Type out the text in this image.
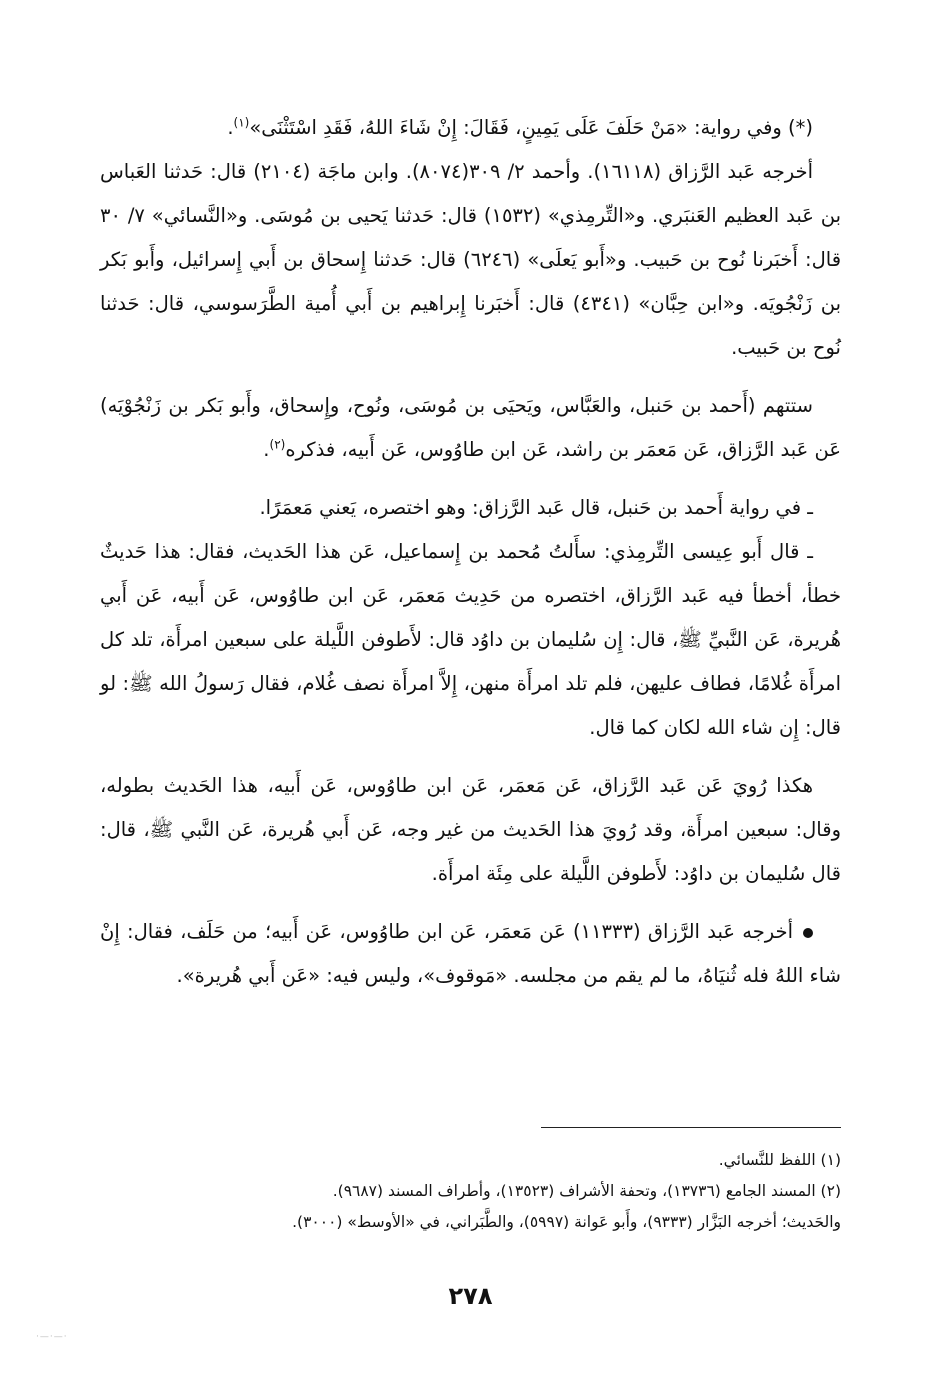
(*) وفي رواية: «مَنْ حَلَفَ عَلَى يَمِينٍ، فَقَالَ: إِنْ شَاءَ اللهُ، فَقَدِ اسْتَثْنَى»$^{(١)}$.

أخرجه عَبد الرَّزاق (١٦١١٨). وأحمد ٢/ ٣٠٩(٨٠٧٤). وابن ماجَة (٢١٠٤) قال: حَدثنا العَباس بن عَبد العظيم العَنبَري. و«التِّرمِذي» (١٥٣٢) قال: حَدثنا يَحيى بن مُوسَى. و«النَّسائي» ٧/ ٣٠ قال: أَخبَرنا نُوح بن حَبيب. و«أَبو يَعلَى» (٦٢٤٦) قال: حَدثنا إِسحاق بن أَبي إِسرائيل، وأَبو بَكر بن زَنْجُويَه. و«ابن حِبَّان» (٤٣٤١) قال: أَخبَرنا إِبراهيم بن أَبي أُمية الطَّرَسوسي، قال: حَدثنا نُوح بن حَبيب.

ستتهم (أَحمد بن حَنبل، والعَبَّاس، ويَحيَى بن مُوسَى، ونُوح، وإِسحاق، وأَبو بَكر بن زَنْجُوْيَه) عَن عَبد الرَّزاق، عَن مَعمَر بن راشد، عَن ابن طاوُوس، عَن أَبيه، فذكره$^{(٢)}$.

ـ في رواية أَحمد بن حَنبل، قال عَبد الرَّزاق: وهو اختصره، يَعني مَعمَرًا.

ـ قال أَبو عِيسى التِّرمِذي: سأَلتُ مُحمد بن إِسماعيل، عَن هذا الحَديث، فقال: هذا حَديثٌ خطأ، أخطأ فيه عَبد الرَّزاق، اختصره من حَدِيث مَعمَر، عَن ابن طاوُوس، عَن أَبيه، عَن أَبي هُريرة، عَن النَّبيِّ ﷺ، قال: إِن سُليمان بن داوُد قال: لأَطوفن اللَّيلة على سبعين امرأَة، تلد كل امرأَة غُلامًا، فطاف عليهن، فلم تلد امرأَة منهن، إِلاَّ امرأَة نصف غُلام، فقال رَسولُ الله ﷺ: لو قال: إِن شاء الله لكان كما قال.

هكذا رُويَ عَن عَبد الرَّزاق، عَن مَعمَر، عَن ابن طاوُوس، عَن أَبيه، هذا الحَديث بطوله، وقال: سبعين امرأَة، وقد رُويَ هذا الحَديث من غير وجه، عَن أَبي هُريرة، عَن النَّبي ﷺ، قال: قال سُليمان بن داوُد: لأَطوفن اللَّيلة على مِئَة امرأَة.

أخرجه عَبد الرَّزاق (١١٣٣٣) عَن مَعمَر، عَن ابن طاوُوس، عَن أَبيه؛ من حَلَف، فقال: إِنْ شاء اللهُ فله ثُنيَاهُ، ما لم يقم من مجلسه. «مَوقوف»، وليس فيه: «عَن أَبي هُريرة».

(١) اللفظ للنَّسائي.

(٢) المسند الجامع (١٣٧٣٦)، وتحفة الأشراف (١٣٥٢٣)، وأطراف المسند (٩٦٨٧).

والحَديث؛ أخرجه البَزَّار (٩٣٣٣)، وأَبو عَوانة (٥٩٩٧)، والطَّبَراني، في «الأوسط» (٣٠٠٠).

٢٧٨
·—·—·
